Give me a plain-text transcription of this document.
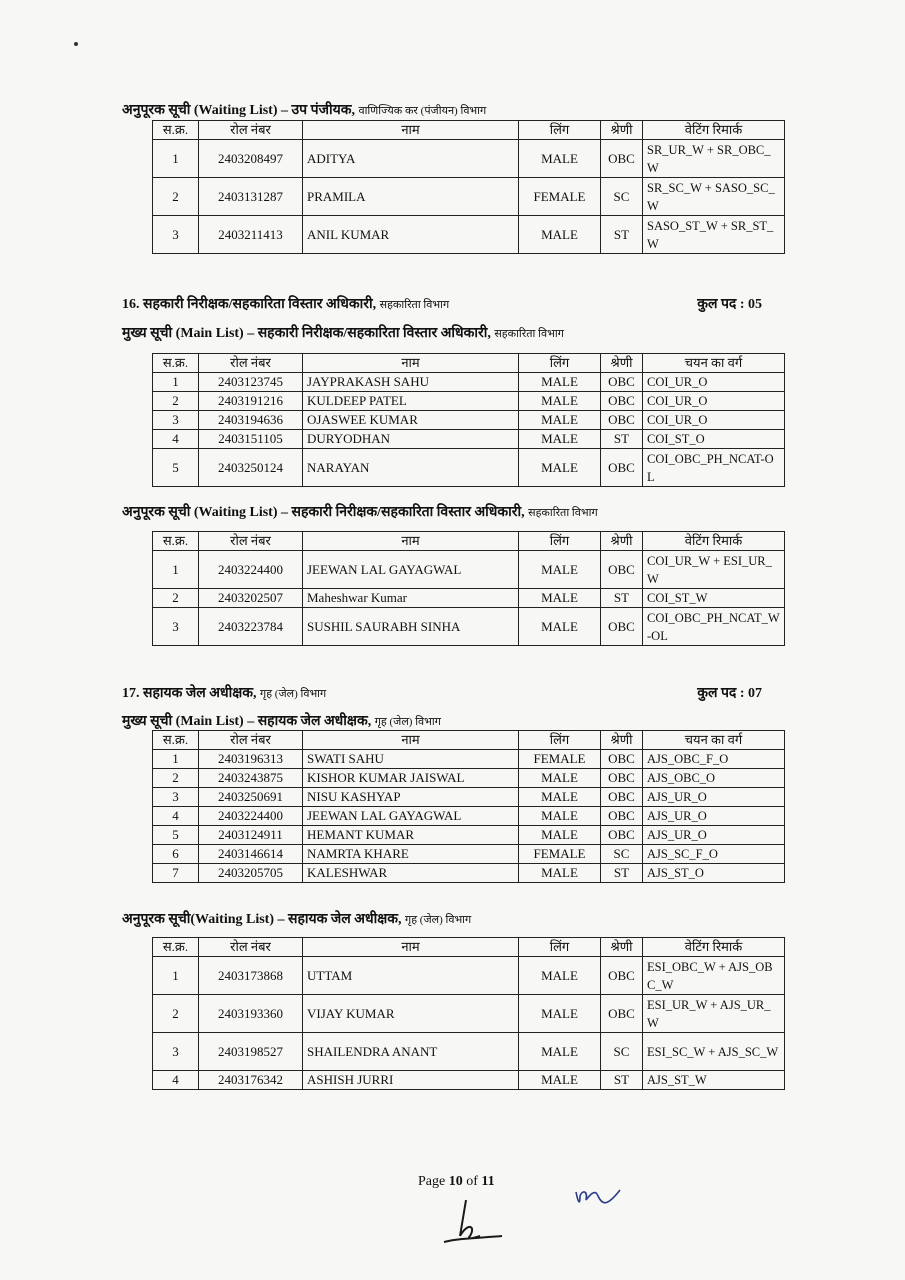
अनुपूरक सूची (Waiting List) – उप पंजीयक, वाणिज्यिक कर (पंजीयन) विभाग
स.क्र.	रोल नंबर	नाम	लिंग	श्रेणी	वेटिंग रिमार्क
1	2403208497	ADITYA	MALE	OBC	SR_UR_W + SR_OBC_W
2	2403131287	PRAMILA	FEMALE	SC	SR_SC_W + SASO_SC_W
3	2403211413	ANIL KUMAR	MALE	ST	SASO_ST_W + SR_ST_W
16. सहकारी निरीक्षक/सहकारिता विस्तार अधिकारी, सहकारिता विभाग	कुल पद : 05
मुख्य सूची (Main List) – सहकारी निरीक्षक/सहकारिता विस्तार अधिकारी, सहकारिता विभाग
स.क्र.	रोल नंबर	नाम	लिंग	श्रेणी	चयन का वर्ग
1	2403123745	JAYPRAKASH SAHU	MALE	OBC	COI_UR_O
2	2403191216	KULDEEP PATEL	MALE	OBC	COI_UR_O
3	2403194636	OJASWEE KUMAR	MALE	OBC	COI_UR_O
4	2403151105	DURYODHAN	MALE	ST	COI_ST_O
5	2403250124	NARAYAN	MALE	OBC	COI_OBC_PH_NCAT-OL
अनुपूरक सूची (Waiting List) – सहकारी निरीक्षक/सहकारिता विस्तार अधिकारी, सहकारिता विभाग
स.क्र.	रोल नंबर	नाम	लिंग	श्रेणी	वेटिंग रिमार्क
1	2403224400	JEEWAN LAL GAYAGWAL	MALE	OBC	COI_UR_W + ESI_UR_W
2	2403202507	Maheshwar Kumar	MALE	ST	COI_ST_W
3	2403223784	SUSHIL SAURABH SINHA	MALE	OBC	COI_OBC_PH_NCAT_W-OL
17. सहायक जेल अधीक्षक, गृह (जेल) विभाग	कुल पद : 07
मुख्य सूची (Main List) – सहायक जेल अधीक्षक, गृह (जेल) विभाग
स.क्र.	रोल नंबर	नाम	लिंग	श्रेणी	चयन का वर्ग
1	2403196313	SWATI SAHU	FEMALE	OBC	AJS_OBC_F_O
2	2403243875	KISHOR KUMAR JAISWAL	MALE	OBC	AJS_OBC_O
3	2403250691	NISU KASHYAP	MALE	OBC	AJS_UR_O
4	2403224400	JEEWAN LAL GAYAGWAL	MALE	OBC	AJS_UR_O
5	2403124911	HEMANT KUMAR	MALE	OBC	AJS_UR_O
6	2403146614	NAMRTA KHARE	FEMALE	SC	AJS_SC_F_O
7	2403205705	KALESHWAR	MALE	ST	AJS_ST_O
अनुपूरक सूची(Waiting List) – सहायक जेल अधीक्षक, गृह (जेल) विभाग
स.क्र.	रोल नंबर	नाम	लिंग	श्रेणी	वेटिंग रिमार्क
1	2403173868	UTTAM	MALE	OBC	ESI_OBC_W + AJS_OBC_W
2	2403193360	VIJAY KUMAR	MALE	OBC	ESI_UR_W + AJS_UR_W
3	2403198527	SHAILENDRA ANANT	MALE	SC	ESI_SC_W + AJS_SC_W
4	2403176342	ASHISH JURRI	MALE	ST	AJS_ST_W
Page 10 of 11
